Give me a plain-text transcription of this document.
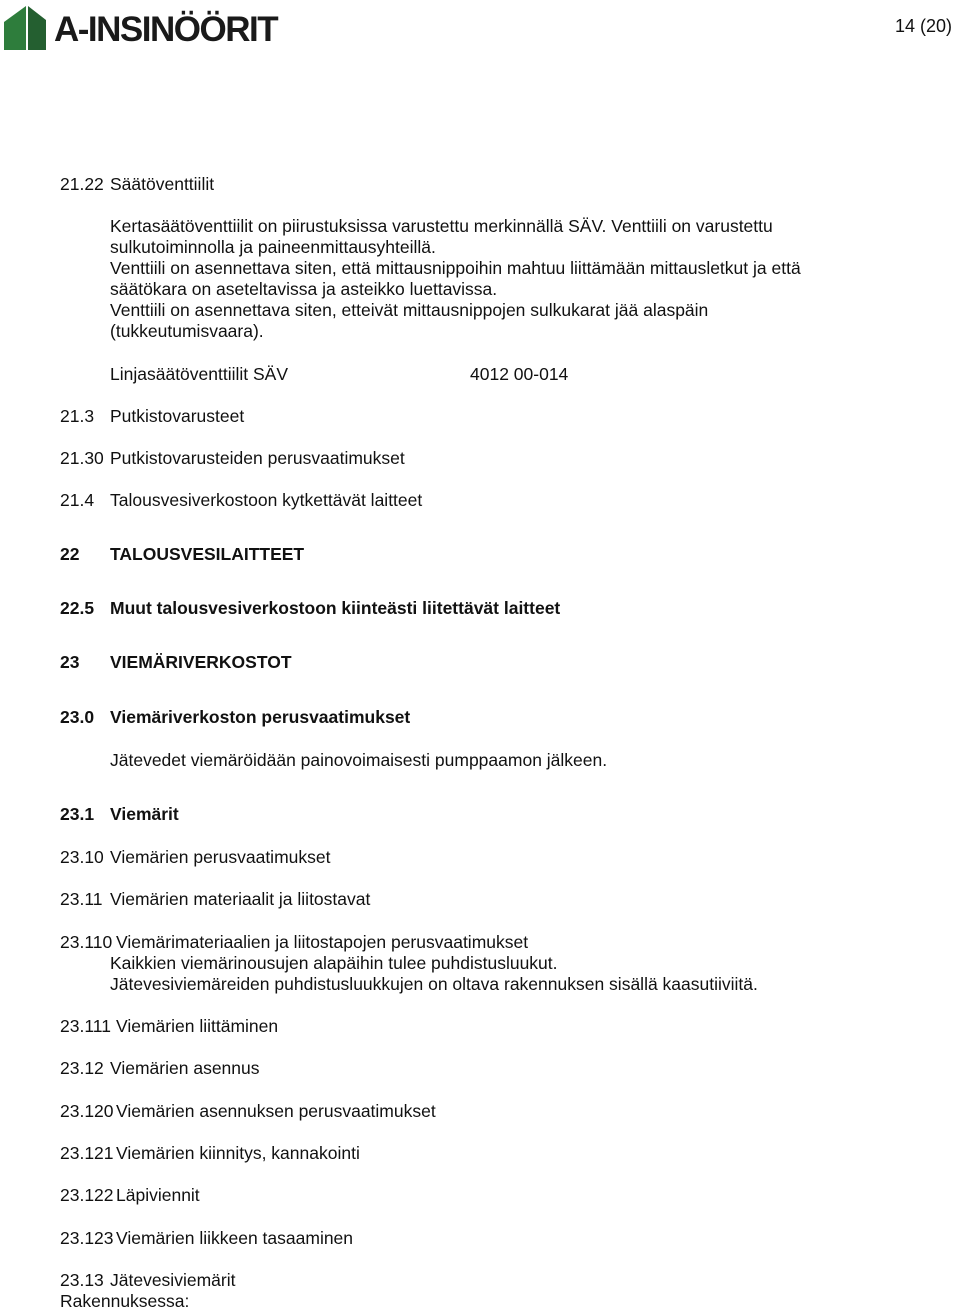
A-INSINÖÖRIT	14 (20)
21.22 Säätöventtiilit
Kertasäätöventtiilit on piirustuksissa varustettu merkinnällä SÄV. Venttiili on varustettu
sulkutoiminnolla ja paineenmittausyhteillä.
Venttiili on asennettava siten, että mittausnippoihin mahtuu liittämään mittausletkut ja että
säätökara on aseteltavissa ja asteikko luettavissa.
Venttiili on asennettava siten, etteivät mittausnippojen sulkukarat jää alaspäin
(tukkeutumisvaara).
Linjasäätöventtiilit SÄV	4012 00-014
21.3 Putkistovarusteet
21.30 Putkistovarusteiden perusvaatimukset
21.4 Talousvesiverkostoon kytkettävät laitteet
22 TALOUSVESILAITTEET
22.5 Muut talousvesiverkostoon kiinteästi liitettävät laitteet
23 VIEMÄRIVERKOSTOT
23.0 Viemäriverkoston perusvaatimukset
Jätevedet viemäröidään painovoimaisesti pumppaamon jälkeen.
23.1 Viemärit
23.10 Viemärien perusvaatimukset
23.11 Viemärien materiaalit ja liitostavat
23.110 Viemärimateriaalien ja liitostapojen perusvaatimukset
Kaikkien viemärinousujen alapäihin tulee puhdistusluukut.
Jätevesiviemäreiden puhdistusluukkujen on oltava rakennuksen sisällä kaasutiiviitä.
23.111 Viemärien liittäminen
23.12 Viemärien asennus
23.120 Viemärien asennuksen perusvaatimukset
23.121 Viemärien kiinnitys, kannakointi
23.122 Läpiviennit
23.123 Viemärien liikkeen tasaaminen
23.13 Jätevesiviemärit
Rakennuksessa:
